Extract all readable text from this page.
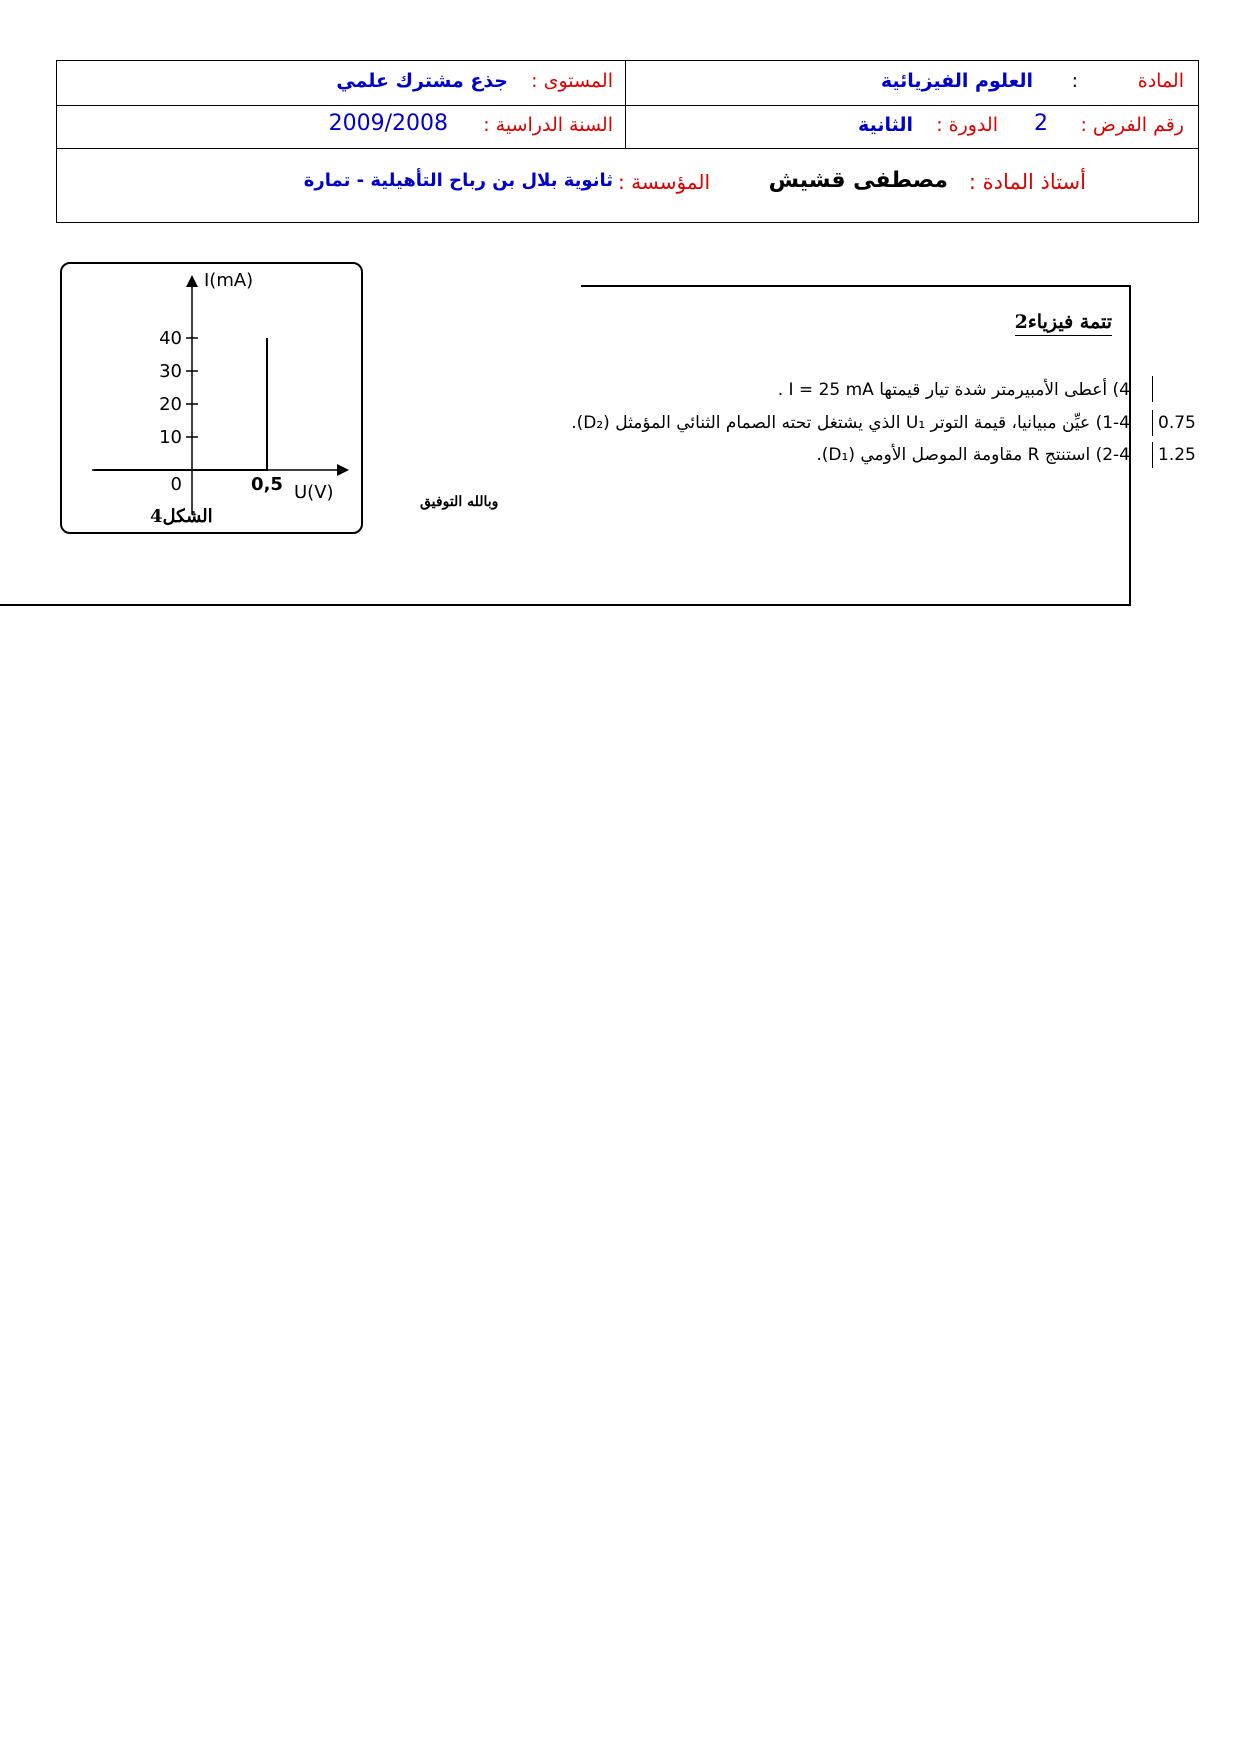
المادة
:
العلوم الفيزيائية
المستوى :
جذع مشترك علمي
رقم الفرض :
2
الدورة :
الثانية
السنة الدراسية :
2009/2008
أستاذ المادة :
مصطفى قشيش
المؤسسة :
ثانوية بلال بن رباح التأهيلية - تمارة
تتمة فيزياء2
4) أعطى الأمبيرمتر شدة تيار قيمتها I = 25 mA .
1-4) عيِّن مبيانيا، قيمة التوتر U₁ الذي يشتغل تحته الصمام الثنائي المؤمثل (D₂).
2-4) استنتج R مقاومة الموصل الأومي (D₁).
0.75
1.25
وبالله التوفيق
10
20
30
40
0	0,5
I(mA)
U(V)
الشكل4
